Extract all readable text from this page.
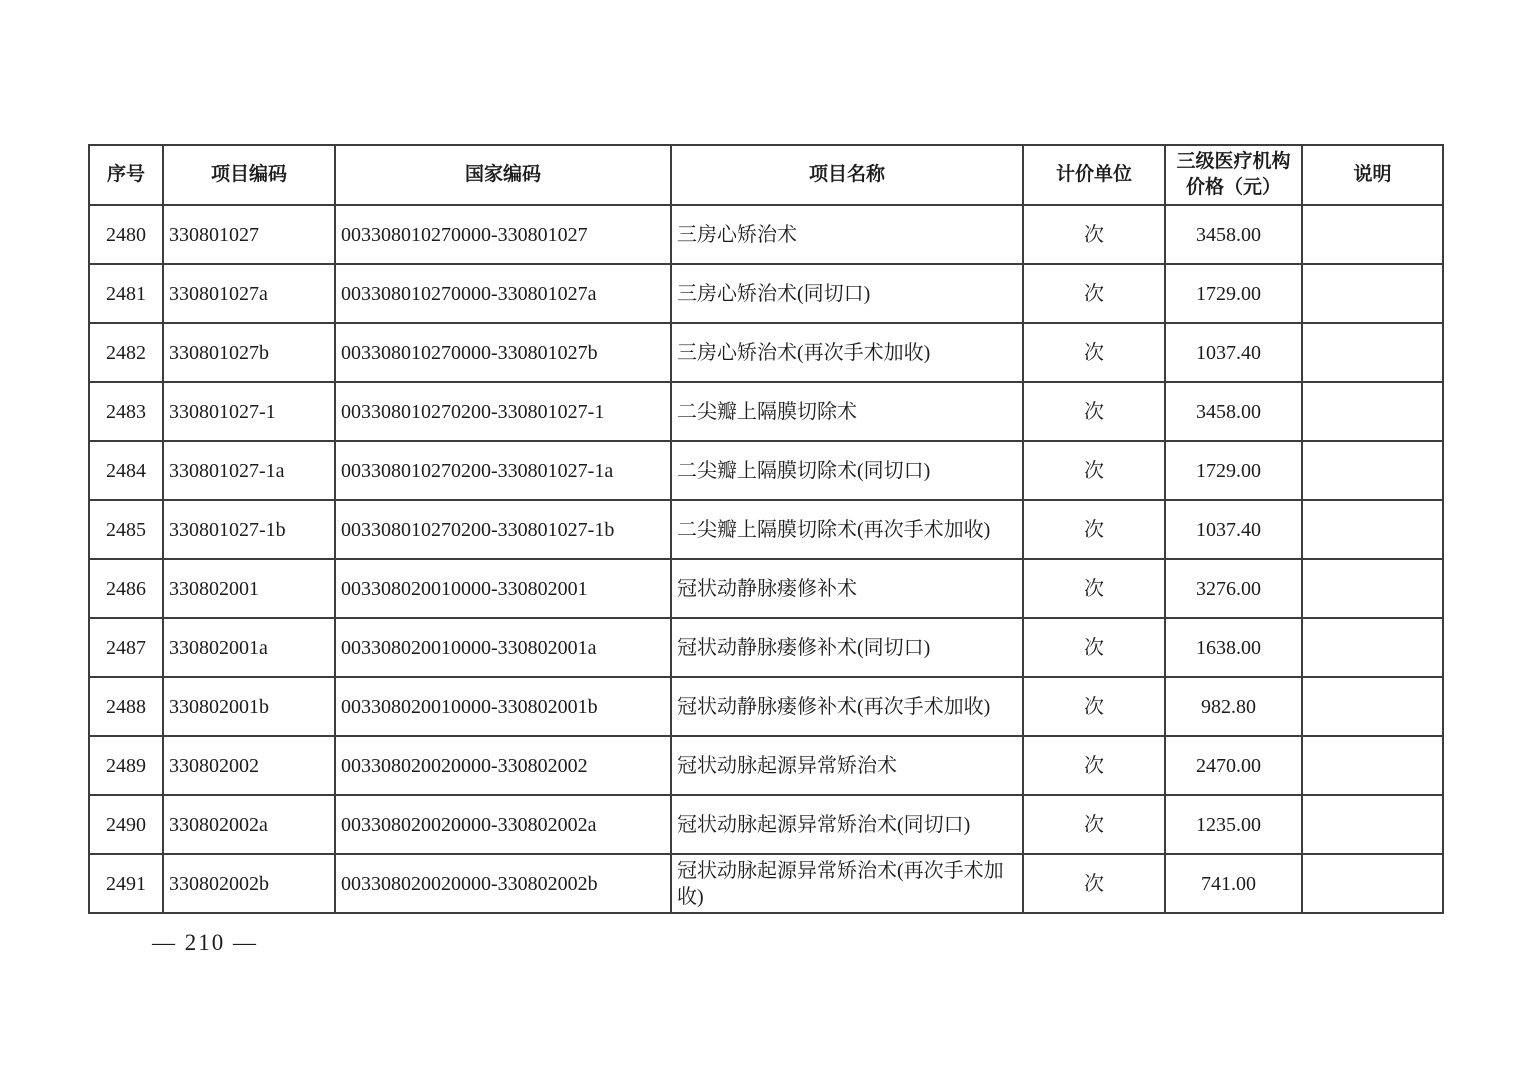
序号	项目编码	国家编码	项目名称	计价单位	三级医疗机构价格（元）	说明
2480	330801027	003308010270000-330801027	三房心矫治术	次	3458.00	
2481	330801027a	003308010270000-330801027a	三房心矫治术(同切口)	次	1729.00	
2482	330801027b	003308010270000-330801027b	三房心矫治术(再次手术加收)	次	1037.40	
2483	330801027-1	003308010270200-330801027-1	二尖瓣上隔膜切除术	次	3458.00	
2484	330801027-1a	003308010270200-330801027-1a	二尖瓣上隔膜切除术(同切口)	次	1729.00	
2485	330801027-1b	003308010270200-330801027-1b	二尖瓣上隔膜切除术(再次手术加收)	次	1037.40	
2486	330802001	003308020010000-330802001	冠状动静脉瘘修补术	次	3276.00	
2487	330802001a	003308020010000-330802001a	冠状动静脉瘘修补术(同切口)	次	1638.00	
2488	330802001b	003308020010000-330802001b	冠状动静脉瘘修补术(再次手术加收)	次	982.80	
2489	330802002	003308020020000-330802002	冠状动脉起源异常矫治术	次	2470.00	
2490	330802002a	003308020020000-330802002a	冠状动脉起源异常矫治术(同切口)	次	1235.00	
2491	330802002b	003308020020000-330802002b	冠状动脉起源异常矫治术(再次手术加收)	次	741.00	
— 210 —
